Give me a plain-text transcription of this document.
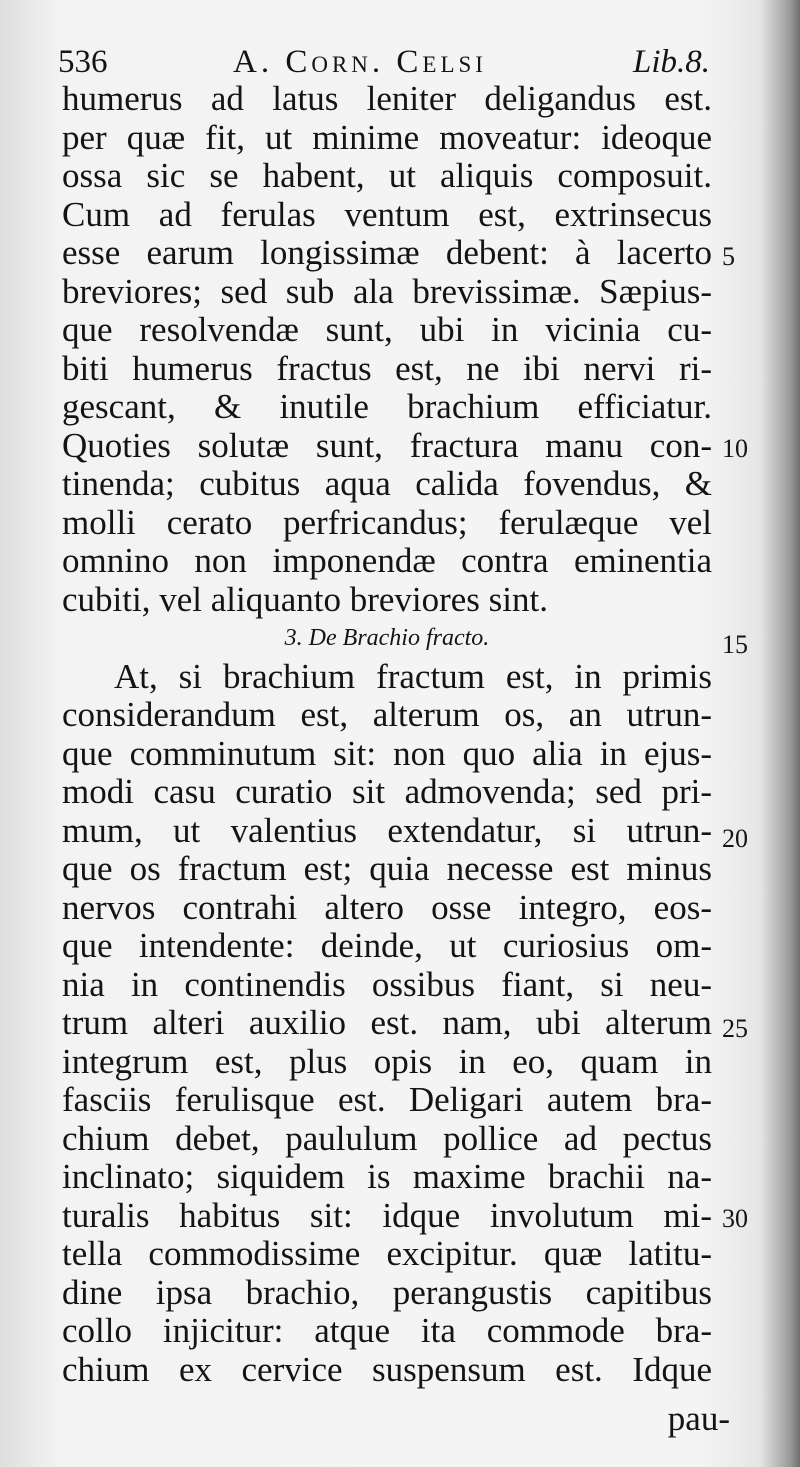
536	A. Corn. Celsi	Lib.8.
humerus ad latus leniter deligandus est.
per quæ fit, ut minime moveatur: ideoque
ossa sic se habent, ut aliquis composuit.
Cum ad ferulas ventum est, extrinsecus
esse earum longissimæ debent: à lacerto
breviores; sed sub ala brevissimæ. Sæpius-
que resolvendæ sunt, ubi in vicinia cu-
biti humerus fractus est, ne ibi nervi ri-
gescant, & inutile brachium efficiatur.
Quoties solutæ sunt, fractura manu con-
tinenda; cubitus aqua calida fovendus, &
molli cerato perfricandus; ferulæque vel
omnino non imponendæ contra eminentia
cubiti, vel aliquanto breviores sint.
3. De Brachio fracto.
At, si brachium fractum est, in primis
considerandum est, alterum os, an utrun-
que comminutum sit: non quo alia in ejus-
modi casu curatio sit admovenda; sed pri-
mum, ut valentius extendatur, si utrun-
que os fractum est; quia necesse est minus
nervos contrahi altero osse integro, eos-
que intendente: deinde, ut curiosius om-
nia in continendis ossibus fiant, si neu-
trum alteri auxilio est. nam, ubi alterum
integrum est, plus opis in eo, quam in
fasciis ferulisque est. Deligari autem bra-
chium debet, paululum pollice ad pectus
inclinato; siquidem is maxime brachii na-
turalis habitus sit: idque involutum mi-
tella commodissime excipitur. quæ latitu-
dine ipsa brachio, perangustis capitibus
collo injicitur: atque ita commode bra-
chium ex cervice suspensum est. Idque
5
10
15
20
25
30
pau-
